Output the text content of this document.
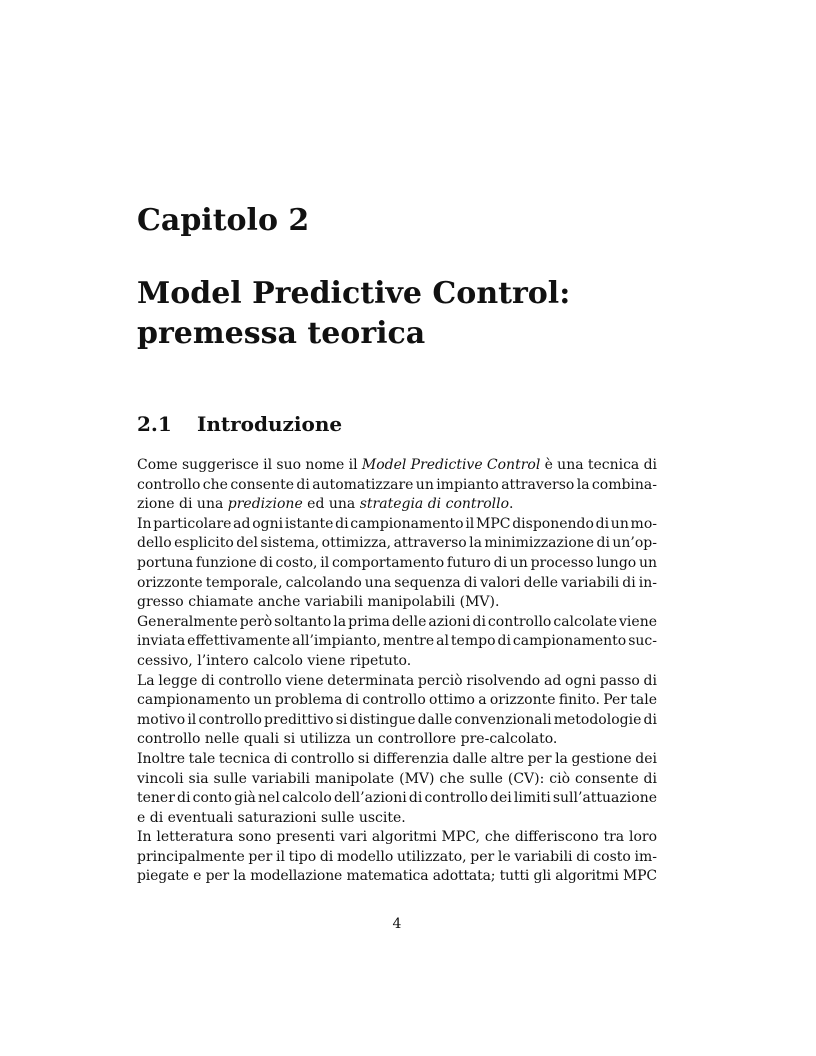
Capitolo 2
Model Predictive Control:
premessa teorica
2.1 Introduzione
Come suggerisce il suo nome il Model Predictive Control è una tecnica di
controllo che consente di automatizzare un impianto attraverso la combina-
zione di una predizione ed una strategia di controllo.
In particolare ad ogni istante di campionamento il MPC disponendo di un mo-
dello esplicito del sistema, ottimizza, attraverso la minimizzazione di un’op-
portuna funzione di costo, il comportamento futuro di un processo lungo un
orizzonte temporale, calcolando una sequenza di valori delle variabili di in-
gresso chiamate anche variabili manipolabili (MV).
Generalmente però soltanto la prima delle azioni di controllo calcolate viene
inviata effettivamente all’impianto, mentre al tempo di campionamento suc-
cessivo, l’intero calcolo viene ripetuto.
La legge di controllo viene determinata perciò risolvendo ad ogni passo di
campionamento un problema di controllo ottimo a orizzonte finito. Per tale
motivo il controllo predittivo si distingue dalle convenzionali metodologie di
controllo nelle quali si utilizza un controllore pre-calcolato.
Inoltre tale tecnica di controllo si differenzia dalle altre per la gestione dei
vincoli sia sulle variabili manipolate (MV) che sulle (CV): ciò consente di
tener di conto già nel calcolo dell’azioni di controllo dei limiti sull’attuazione
e di eventuali saturazioni sulle uscite.
In letteratura sono presenti vari algoritmi MPC, che differiscono tra loro
principalmente per il tipo di modello utilizzato, per le variabili di costo im-
piegate e per la modellazione matematica adottata; tutti gli algoritmi MPC
4
